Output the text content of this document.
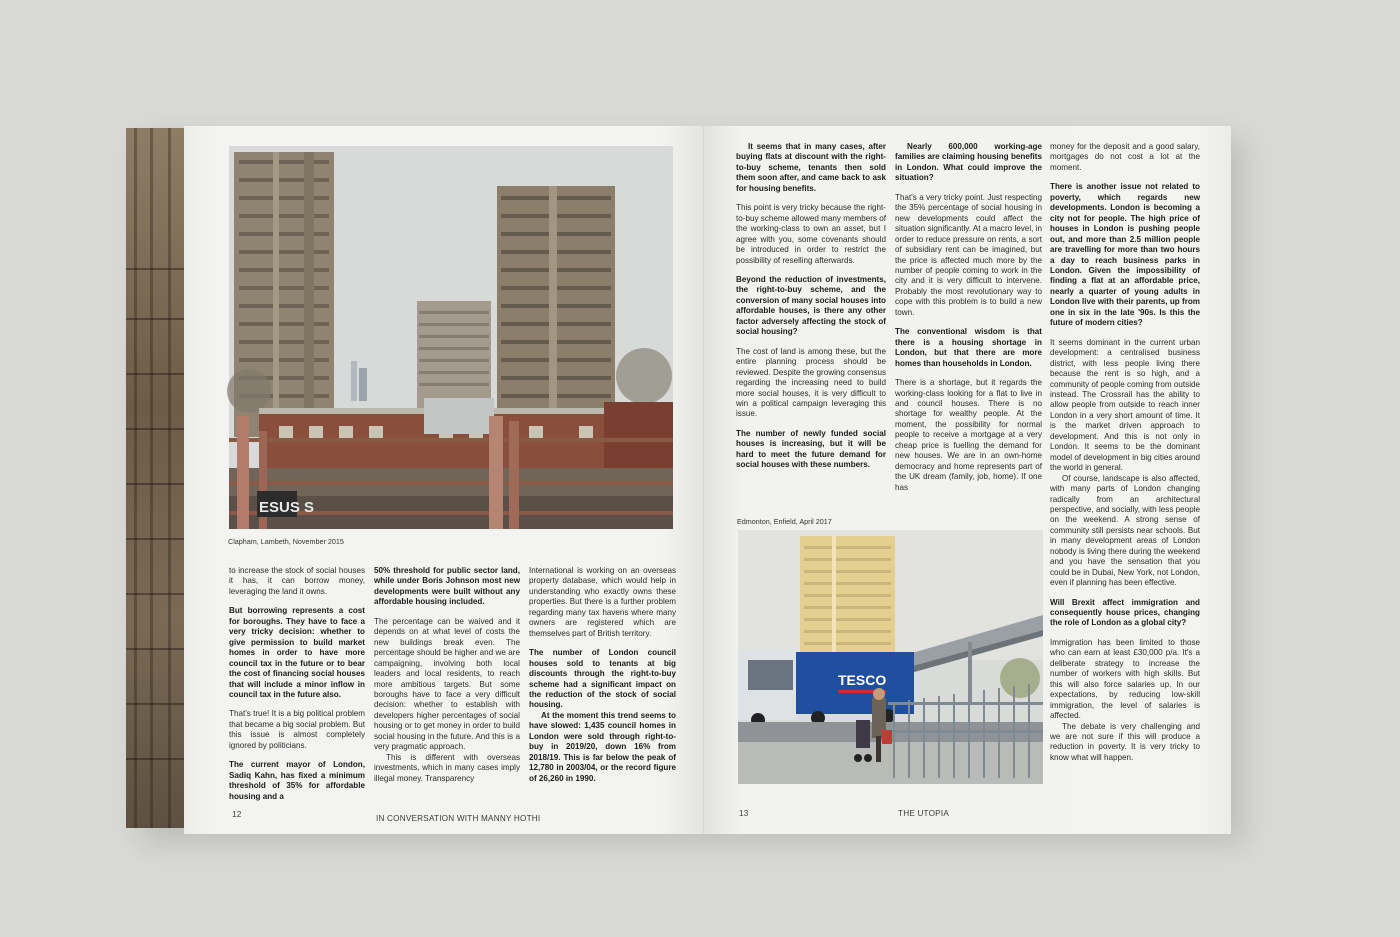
ESUS S
Clapham, Lambeth, November 2015

to increase the stock of social houses it has, it can borrow money, leveraging the land it owns.

But borrowing represents a cost for boroughs. They have to face a very tricky decision: whether to give permission to build market homes in order to have more council tax in the future or to bear the cost of financing social houses that will include a minor inflow in council tax in the future also.

That's true! It is a big political problem that became a big social problem. But this issue is almost completely ignored by politicians.

The current mayor of London, Sadiq Kahn, has fixed a minimum threshold of 35% for affordable housing and a

50% threshold for public sector land, while under Boris Johnson most new developments were built without any affordable housing included.

The percentage can be waived and it depends on at what level of costs the new buildings break even. The percentage should be higher and we are campaigning, involving both local leaders and local residents, to reach more ambitious targets. But some boroughs have to face a very difficult decision: whether to establish with developers higher percentages of social housing or to get money in order to build social housing in the future. And this is a very pragmatic approach.

This is different with overseas investments, which in many cases imply illegal money. Transparency

International is working on an overseas property database, which would help in understanding who exactly owns these properties. But there is a further problem regarding many tax havens where many owners are registered which are themselves part of British territory.

The number of London council houses sold to tenants at big discounts through the right-to-buy scheme had a significant impact on the reduction of the stock of social housing.

At the moment this trend seems to have slowed: 1,435 council homes in London were sold through right-to-buy in 2019/20, down 16% from 2018/19. This is far below the peak of 12,780 in 2003/04, or the record figure of 26,260 in 1990.

12	IN CONVERSATION WITH MANNY HOTHI

It seems that in many cases, after buying flats at discount with the right-to-buy scheme, tenants then sold them soon after, and came back to ask for housing benefits.

This point is very tricky because the right-to-buy scheme allowed many members of the working-class to own an asset, but I agree with you, some covenants should be introduced in order to restrict the possibility of reselling afterwards.

Beyond the reduction of investments, the right-to-buy scheme, and the conversion of many social houses into affordable houses, is there any other factor adversely affecting the stock of social housing?

The cost of land is among these, but the entire planning process should be reviewed. Despite the growing consensus regarding the increasing need to build more social houses, it is very difficult to win a political campaign leveraging this issue.

The number of newly funded social houses is increasing, but it will be hard to meet the future demand for social houses with these numbers.

Nearly 600,000 working-age families are claiming housing benefits in London. What could improve the situation?

That's a very tricky point. Just respecting the 35% percentage of social housing in new developments could affect the situation significantly. At a macro level, in order to reduce pressure on rents, a sort of subsidiary rent can be imagined, but the price is affected much more by the number of people coming to work in the city and it is very difficult to intervene. Probably the most revolutionary way to cope with this problem is to build a new town.

The conventional wisdom is that there is a housing shortage in London, but that there are more homes than households in London.

There is a shortage, but it regards the working-class looking for a flat to live in and council houses. There is no shortage for wealthy people. At the moment, the possibility for normal people to receive a mortgage at a very cheap price is fuelling the demand for new houses. We are in an own-home democracy and home represents part of the UK dream (family, job, home). If one has

money for the deposit and a good salary, mortgages do not cost a lot at the moment.

There is another issue not related to poverty, which regards new developments. London is becoming a city not for people. The high price of houses in London is pushing people out, and more than 2.5 million people are travelling for more than two hours a day to reach business parks in London. Given the impossibility of finding a flat at an affordable price, nearly a quarter of young adults in London live with their parents, up from one in six in the late '90s. Is this the future of modern cities?

It seems dominant in the current urban development: a centralised business district, with less people living there because the rent is so high, and a community of people coming from outside instead. The Crossrail has the ability to allow people from outside to reach inner London in a very short amount of time. It is the market driven approach to development. And this is not only in London. It seems to be the dominant model of development in big cities around the world in general.

Of course, landscape is also affected, with many parts of London changing radically from an architectural perspective, and socially, with less people on the weekend. A strong sense of community still persists near schools. But in many development areas of London nobody is living there during the weekend and you have the sensation that you could be in Dubai, New York, not London, even if planning has been effective.

Will Brexit affect immigration and consequently house prices, changing the role of London as a global city?

Immigration has been limited to those who can earn at least £30,000 p/a. It's a deliberate strategy to increase the number of workers with high skills. But this will also force salaries up. In our expectations, by reducing low-skill immigration, the level of salaries is affected.

The debate is very challenging and we are not sure if this will produce a reduction in poverty. It is very tricky to know what will happen.

Edmonton, Enfield, April 2017
TESCO
13	THE UTOPIA
